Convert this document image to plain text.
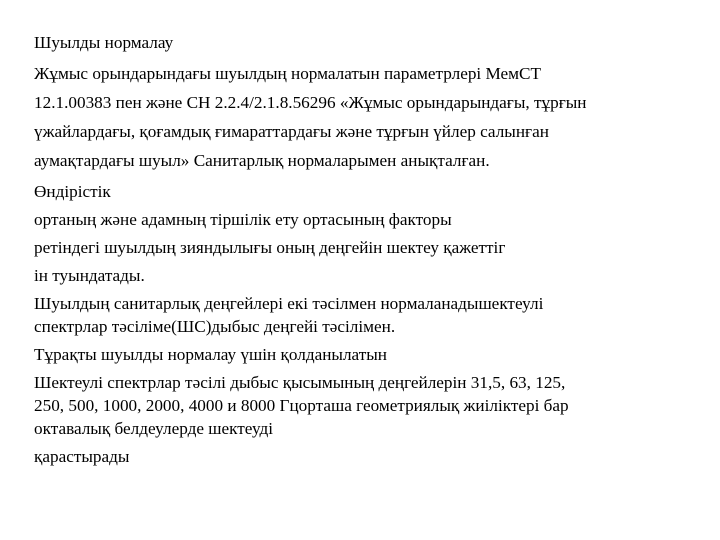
Шуылды нормалау

Жұмыс орындарындағы шуылдың нормалатын параметрлері МемСТ
12.1.00383 пен және СН 2.2.4/2.1.8.56296 «Жұмыс орындарындағы, тұрғын
үжайлардағы, қоғамдық ғимараттардағы және тұрғын үйлер салынған
аумақтардағы шуыл» Санитарлық нормаларымен анықталған.

Өндірістік

ортаның және адамның тіршілік ету ортасының факторы

ретіндегі шуылдың зияндылығы оның деңгейін шектеу қажеттіг

ін туындатады.

Шуылдың санитарлық деңгейлері екі тәсілмен нормаланадышектеулі
спектрлар тәсіліме(ШС)дыбыс деңгейі тәсілімен.

Тұрақты шуылды нормалау үшін қолданылатын

Шектеулі спектрлар тәсілі дыбыс қысымының деңгейлерін 31,5, 63, 125,
250, 500, 1000, 2000, 4000 и 8000 Гцорташа геометриялық жиіліктері бар
октавалық белдеулерде шектеуді

қарастырады
